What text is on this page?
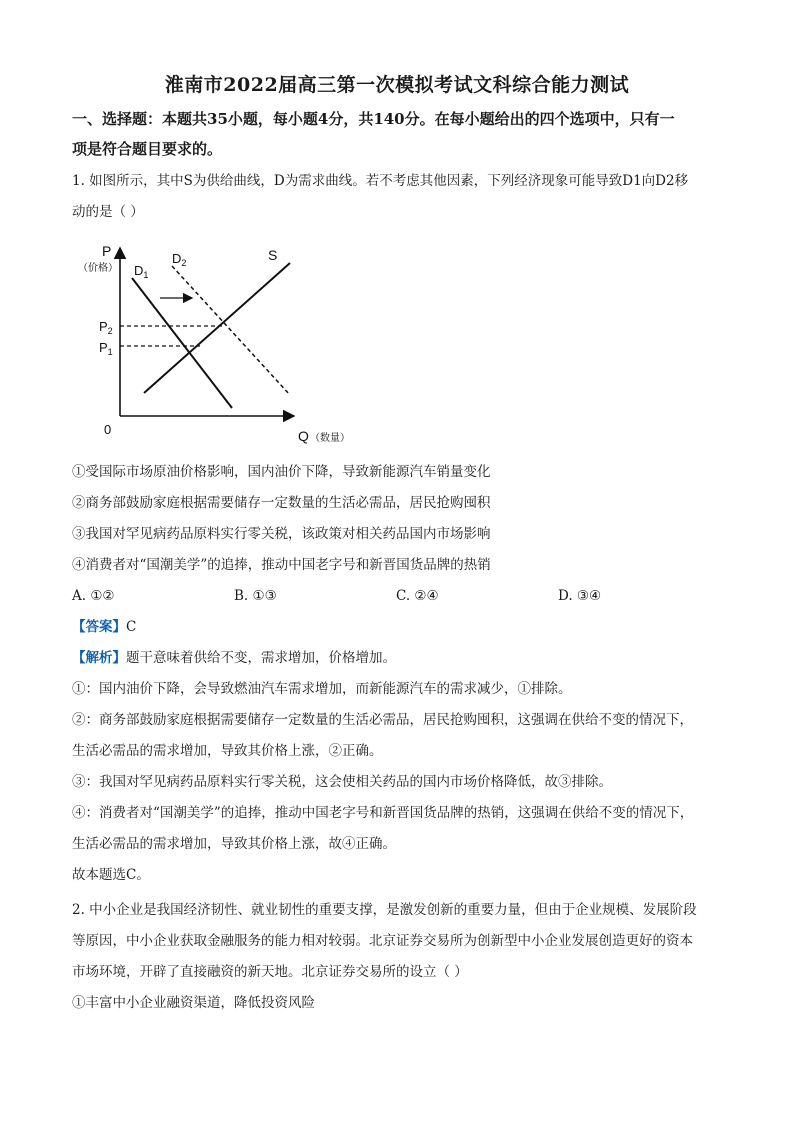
淮南市2022届高三第一次模拟考试文科综合能力测试
一、选择题：本题共35小题，每小题4分，共140分。在每小题给出的四个选项中，只有一
项是符合题目要求的。
1. 如图所示，其中S为供给曲线，D为需求曲线。若不考虑其他因素，下列经济现象可能导致D1向D2移
动的是（ ）
P
（价格）
Q （数量）
0
$P_2$
$P_1$
$D_1$
$D_2$	S
①受国际市场原油价格影响，国内油价下降，导致新能源汽车销量变化
②商务部鼓励家庭根据需要储存一定数量的生活必需品，居民抢购囤积
③我国对罕见病药品原料实行零关税，该政策对相关药品国内市场影响
④消费者对“国潮美学”的追捧，推动中国老字号和新晋国货品牌的热销
A. ①②	B. ①③	C. ②④	D. ③④
【答案】C
【解析】题干意味着供给不变，需求增加，价格增加。
①：国内油价下降，会导致燃油汽车需求增加，而新能源汽车的需求减少，①排除。
②：商务部鼓励家庭根据需要储存一定数量的生活必需品，居民抢购囤积，这强调在供给不变的情况下，
生活必需品的需求增加，导致其价格上涨，②正确。
③：我国对罕见病药品原料实行零关税，这会使相关药品的国内市场价格降低，故③排除。
④：消费者对“国潮美学”的追捧，推动中国老字号和新晋国货品牌的热销，这强调在供给不变的情况下，
生活必需品的需求增加，导致其价格上涨，故④正确。
故本题选C。
2. 中小企业是我国经济韧性、就业韧性的重要支撑，是激发创新的重要力量，但由于企业规模、发展阶段
等原因，中小企业获取金融服务的能力相对较弱。北京证券交易所为创新型中小企业发展创造更好的资本
市场环境，开辟了直接融资的新天地。北京证券交易所的设立（ ）
①丰富中小企业融资渠道，降低投资风险
